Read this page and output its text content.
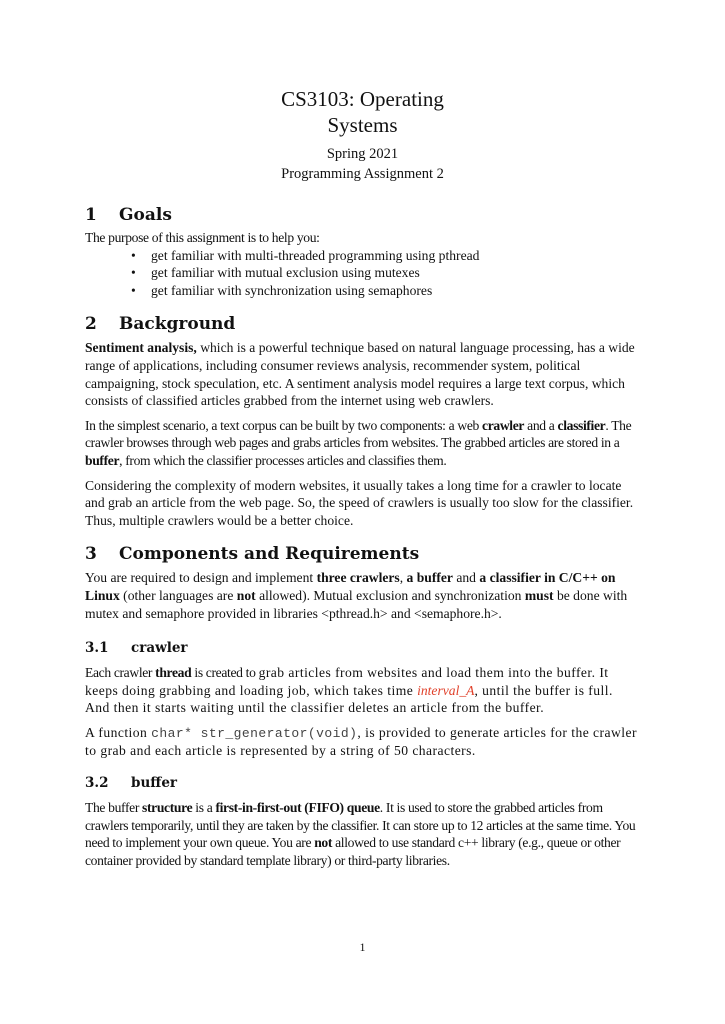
CS3103: Operating
Systems
Spring 2021
Programming Assignment 2
1	Goals

The purpose of this assignment is to help you:

• get familiar with multi-threaded programming using pthread
• get familiar with mutual exclusion using mutexes
• get familiar with synchronization using semaphores
2	Background

Sentiment analysis, which is a powerful technique based on natural language processing, has a wide range of applications, including consumer reviews analysis, recommender system, political campaigning, stock speculation, etc. A sentiment analysis model requires a large text corpus, which consists of classified articles grabbed from the internet using web crawlers.

In the simplest scenario, a text corpus can be built by two components: a web crawler and a classifier. The crawler browses through web pages and grabs articles from websites. The grabbed articles are stored in a buffer, from which the classifier processes articles and classifies them.

Considering the complexity of modern websites, it usually takes a long time for a crawler to locate and grab an article from the web page. So, the speed of crawlers is usually too slow for the classifier. Thus, multiple crawlers would be a better choice.

3	Components and Requirements

You are required to design and implement three crawlers, a buffer and a classifier in C/C++ on Linux (other languages are not allowed). Mutual exclusion and synchronization must be done with mutex and semaphore provided in libraries <pthread.h> and <semaphore.h>.

3.1	crawler

Each crawler thread is created to grab articles from websites and load them into the buffer. It keeps doing grabbing and loading job, which takes time interval_A, until the buffer is full. And then it starts waiting until the classifier deletes an article from the buffer.

A function char* str_generator(void), is provided to generate articles for the crawler to grab and each article is represented by a string of 50 characters.

3.2	buffer

The buffer structure is a first-in-first-out (FIFO) queue. It is used to store the grabbed articles from crawlers temporarily, until they are taken by the classifier. It can store up to 12 articles at the same time. You need to implement your own queue. You are not allowed to use standard c++ library (e.g., queue or other container provided by standard template library) or third-party libraries.

1
